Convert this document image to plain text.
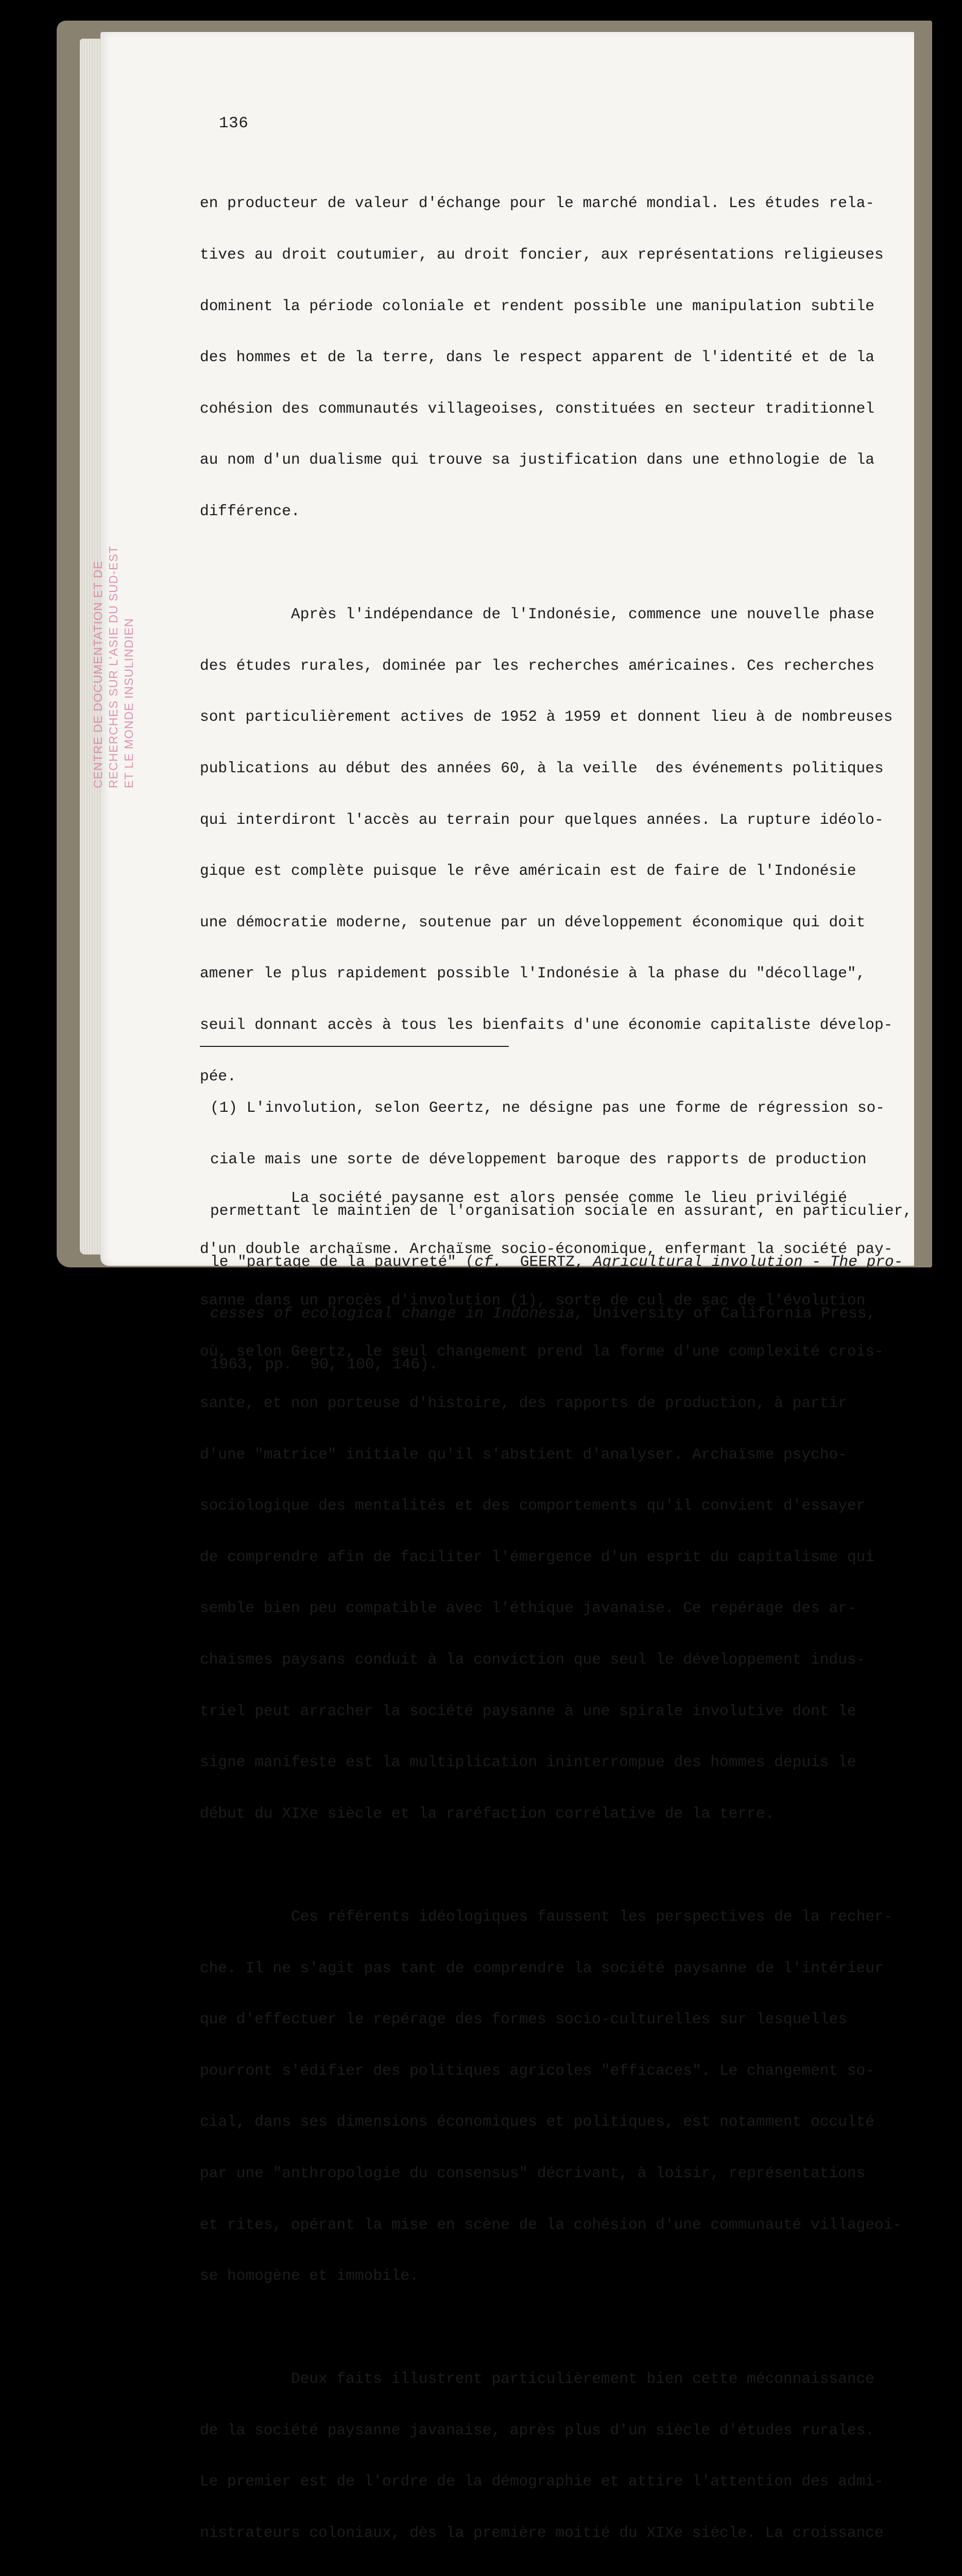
136
CENTRE DE DOCUMENTATION ET DE RECHERCHES SUR L'ASIE DU SUD-EST ET LE MONDE INSULINDIEN

en producteur de valeur d'échange pour le marché mondial. Les études rela-

tives au droit coutumier, au droit foncier, aux représentations religieuses

dominent la période coloniale et rendent possible une manipulation subtile

des hommes et de la terre, dans le respect apparent de l'identité et de la

cohésion des communautés villageoises, constituées en secteur traditionnel

au nom d'un dualisme qui trouve sa justification dans une ethnologie de la

différence.

Après l'indépendance de l'Indonésie, commence une nouvelle phase

des études rurales, dominée par les recherches américaines. Ces recherches

sont particulièrement actives de 1952 à 1959 et donnent lieu à de nombreuses

publications au début des années 60, à la veille  des événements politiques

qui interdiront l'accès au terrain pour quelques années. La rupture idéolo-

gique est complète puisque le rêve américain est de faire de l'Indonésie

une démocratie moderne, soutenue par un développement économique qui doit

amener le plus rapidement possible l'Indonésie à la phase du "décollage",

seuil donnant accès à tous les bienfaits d'une économie capitaliste dévelop-

pée.

La société paysanne est alors pensée comme le lieu privilégié

d'un double archaïsme. Archaïsme socio-économique, enfermant la société pay-

sanne dans un procès d'involution (1), sorte de cul de sac de l'évolution

où, selon Geertz, le seul changement prend la forme d'une complexité crois-

sante, et non porteuse d'histoire, des rapports de production, à partir

d'une "matrice" initiale qu'il s'abstient d'analyser. Archaïsme psycho-

sociologique des mentalités et des comportements qu'il convient d'essayer

de comprendre afin de faciliter l'émergence d'un esprit du capitalisme qui

semble bien peu compatible avec l'éthique javanaise. Ce repérage des ar-

chaïsmes paysans conduit à la conviction que seul le développement indus-

triel peut arracher la société paysanne à une spirale involutive dont le

signe manifeste est la multiplication ininterrompue des hommes depuis le

début du XIXe siècle et la raréfaction corrélative de la terre.

Ces référents idéologiques faussent les perspectives de la recher-

che. Il ne s'agit pas tant de comprendre la société paysanne de l'intérieur

que d'effectuer le repérage des formes socio-culturelles sur lesquelles

pourront s'édifier des politiques agricoles "efficaces". Le changement so-

cial, dans ses dimensions économiques et politiques, est notamment occulté

par une "anthropologie du consensus" décrivant, à loisir, représentations

et rites, opérant la mise en scène de la cohésion d'une communauté villageoi-

se homogène et immobile.

Deux faits illustrent particulièrement bien cette méconnaissance

de la société paysanne javanaise, après plus d'un siècle d'études rurales.

Le premier est de l'ordre de la démographie et attire l'attention des admi-

nistrateurs coloniaux, dès la première moitié du XIXe siècle. La croissance

(1) L'involution, selon Geertz, ne désigne pas une forme de régression so-

ciale mais une sorte de développement baroque des rapports de production

permettant le maintien de l'organisation sociale en assurant, en particulier,

le "partage de la pauvreté" (cf.  GEERTZ, Agricultural involution - The pro-

cesses of ecological change in Indonesia, University of California Press,

1963, pp.  90, 100, 146).
